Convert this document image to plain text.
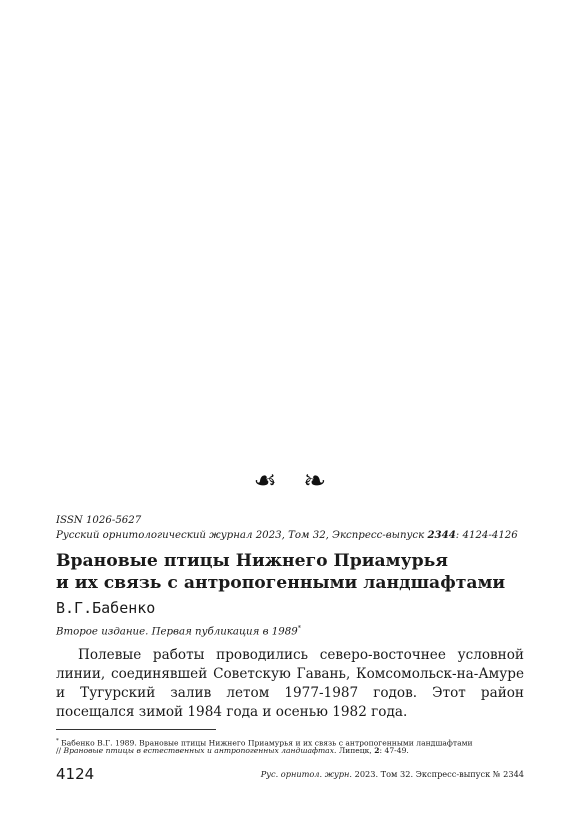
☙ ☙
ISSN 1026-5627
Русский орнитологический журнал 2023, Том 32, Экспресс-выпуск 2344: 4124-4126
Врановые птицы Нижнего Приамурья
и их связь с антропогенными ландшафтами
В.Г.Бабенко
Второе издание. Первая публикация в 1989*

Полевые работы проводились северо-восточнее условной линии, соединявшей Советскую Гавань, Комсомольск-на-Амуре и Тугурский залив летом 1977-1987 годов. Этот район посещался зимой 1984 года и осенью 1982 года.

* Бабенко В.Г. 1989. Врановые птицы Нижнего Приамурья и их связь с антропогенными ландшафтами
// Врановые птицы в естественных и антропогенных ландшафтах. Липецк, 2: 47-49.
4124	Рус. орнитол. журн. 2023. Том 32. Экспресс-выпуск № 2344
